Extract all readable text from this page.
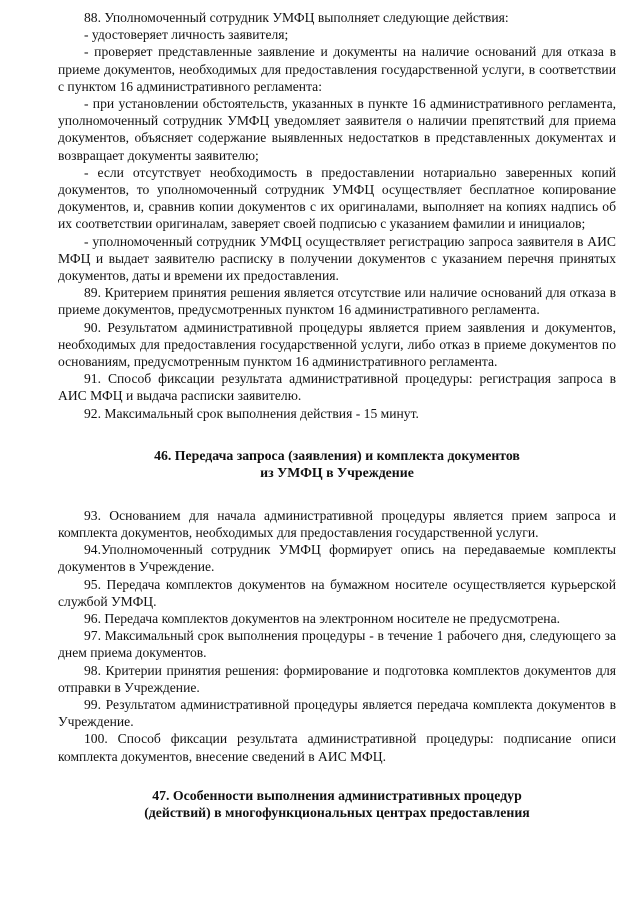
88. Уполномоченный сотрудник УМФЦ выполняет следующие действия:

- удостоверяет личность заявителя;

- проверяет представленные заявление и документы на наличие оснований для отказа в приеме документов, необходимых для предоставления государственной услуги, в соответствии с пунктом 16 административного регламента:

- при установлении обстоятельств, указанных в пункте 16 административного регламента, уполномоченный сотрудник УМФЦ уведомляет заявителя о наличии препятствий для приема документов, объясняет содержание выявленных недостатков в представленных документах и возвращает документы заявителю;

- если отсутствует необходимость в предоставлении нотариально заверенных копий документов, то уполномоченный сотрудник УМФЦ осуществляет бесплатное копирование документов, и, сравнив копии документов с их оригиналами, выполняет на копиях надпись об их соответствии оригиналам, заверяет своей подписью с указанием фамилии и инициалов;

- уполномоченный сотрудник УМФЦ осуществляет регистрацию запроса заявителя в АИС МФЦ и выдает заявителю расписку в получении документов с указанием перечня принятых документов, даты и времени их предоставления.

89. Критерием принятия решения является отсутствие или наличие оснований для отказа в приеме документов, предусмотренных пунктом 16 административного регламента.

90. Результатом административной процедуры является прием заявления и документов, необходимых для предоставления государственной услуги, либо отказ в приеме документов по основаниям, предусмотренным пунктом 16 административного регламента.

91. Способ фиксации результата административной процедуры: регистрация запроса в АИС МФЦ и выдача расписки заявителю.

92. Максимальный срок выполнения действия - 15 минут.

46. Передача запроса (заявления) и комплекта документов

из УМФЦ в Учреждение

93. Основанием для начала административной процедуры является прием запроса и комплекта документов, необходимых для предоставления государственной услуги.

94.Уполномоченный сотрудник УМФЦ формирует опись на передаваемые комплекты документов в Учреждение.

95. Передача комплектов документов на бумажном носителе осуществляется курьерской службой УМФЦ.

96. Передача комплектов документов на электронном носителе не предусмотрена.

97. Максимальный срок выполнения процедуры - в течение 1 рабочего дня, следующего за днем приема документов.

98. Критерии принятия решения: формирование и подготовка комплектов документов для отправки в Учреждение.

99. Результатом административной процедуры является передача комплекта документов в Учреждение.

100. Способ фиксации результата административной процедуры: подписание описи комплекта документов, внесение сведений в АИС МФЦ.

47. Особенности выполнения административных процедур

(действий) в многофункциональных центрах предоставления
